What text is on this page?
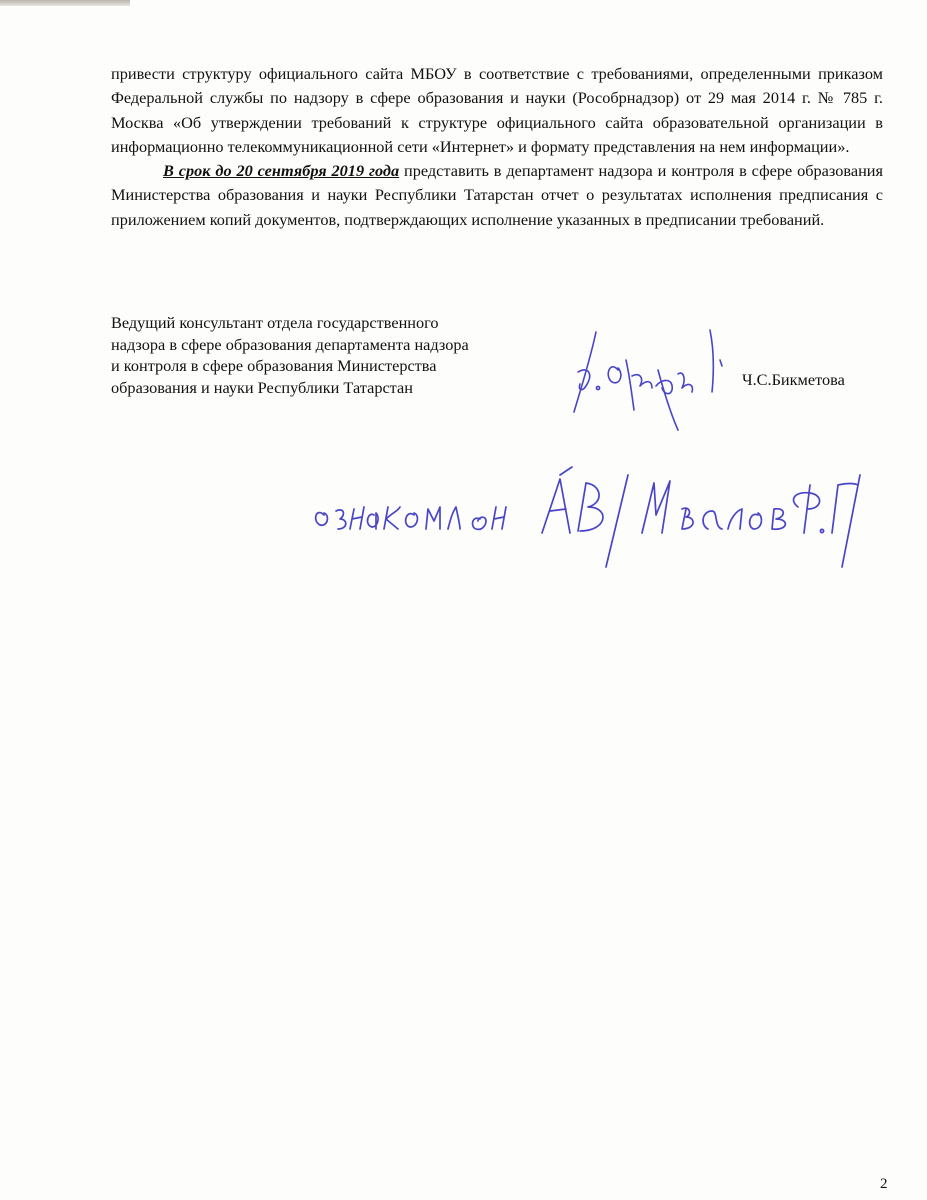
привести структуру официального сайта МБОУ в соответствие с требованиями, определенными приказом Федеральной службы по надзору в сфере образования и науки (Рособрнадзор) от 29 мая 2014 г. № 785 г. Москва «Об утверждении требований к структуре официального сайта образовательной организации в информационно телекоммуникационной сети «Интернет» и формату представления на нем информации».

В срок до 20 сентября 2019 года представить в департамент надзора и контроля в сфере образования Министерства образования и науки Республики Татарстан отчет о результатах исполнения предписания с приложением копий документов, подтверждающих исполнение указанных в предписании требований.

Ведущий консультант отдела государственного
надзора в сфере образования департамента надзора
и контроля в сфере образования Министерства
образования и науки Республики Татарстан	Ч.С.Бикметова
2
